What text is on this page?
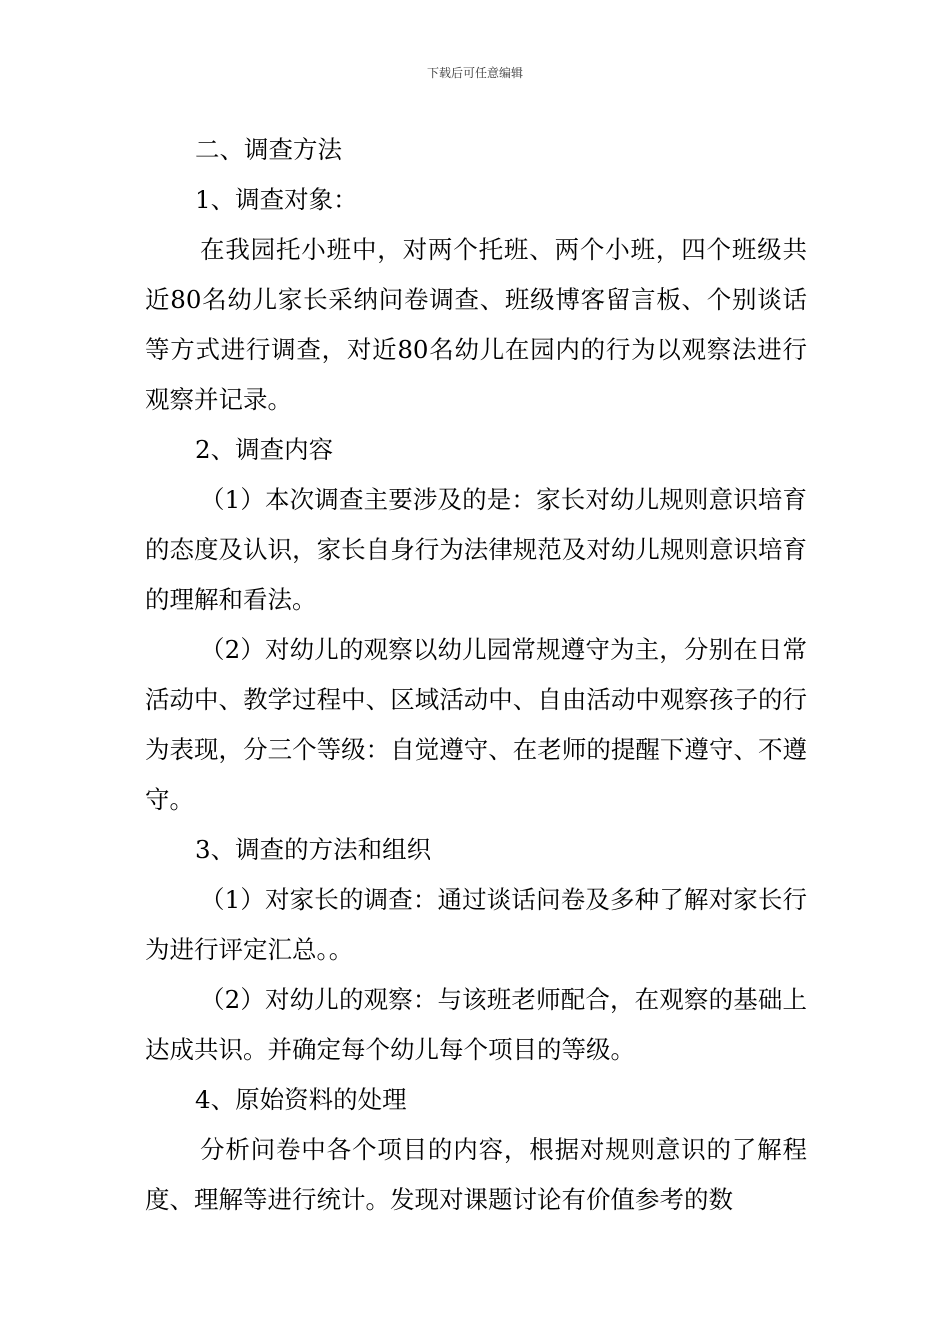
下载后可任意编辑

二、调查方法

1、调查对象：

在我园托小班中，对两个托班、两个小班，四个班级共近80名幼儿家长采纳问卷调查、班级博客留言板、个别谈话等方式进行调查，对近80名幼儿在园内的行为以观察法进行观察并记录。

2、调查内容

（1）本次调查主要涉及的是：家长对幼儿规则意识培育的态度及认识，家长自身行为法律规范及对幼儿规则意识培育的理解和看法。

（2）对幼儿的观察以幼儿园常规遵守为主，分别在日常活动中、教学过程中、区域活动中、自由活动中观察孩子的行为表现，分三个等级：自觉遵守、在老师的提醒下遵守、不遵守。

3、调查的方法和组织

（1）对家长的调查：通过谈话问卷及多种了解对家长行为进行评定汇总。。

（2）对幼儿的观察：与该班老师配合，在观察的基础上达成共识。并确定每个幼儿每个项目的等级。

4、原始资料的处理

分析问卷中各个项目的内容，根据对规则意识的了解程度、理解等进行统计。发现对课题讨论有价值参考的数
